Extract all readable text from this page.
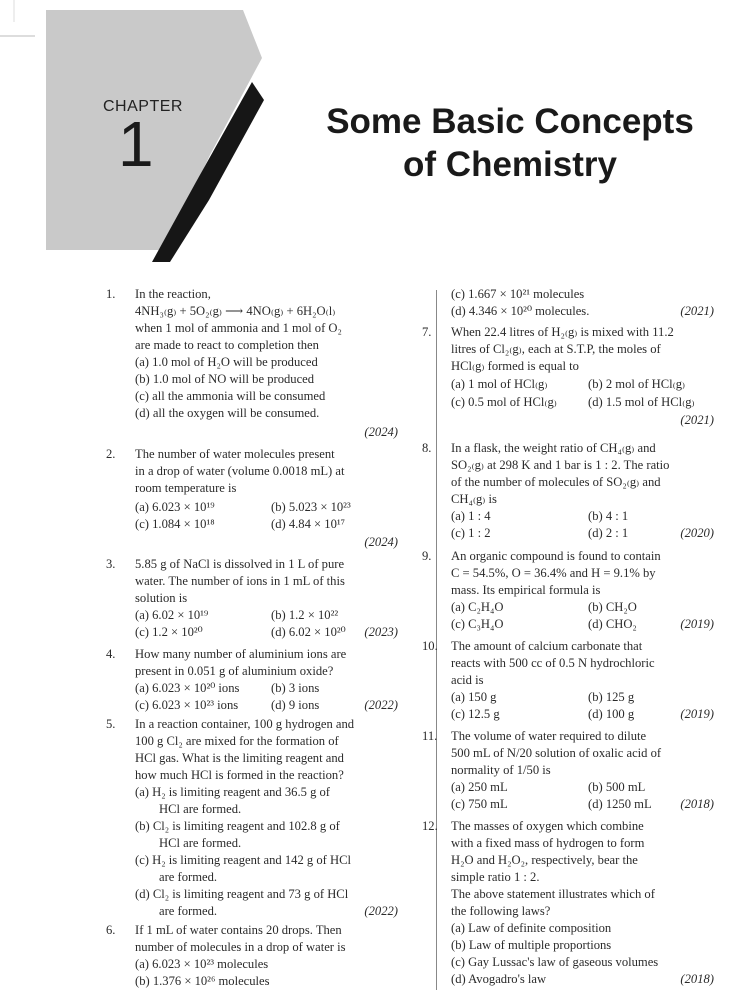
CHAPTER
1	Some Basic Concepts
of Chemistry
1. In the reaction,
4NH₃₍g₎ + 5O₂₍g₎ ⟶ 4NO₍g₎ + 6H₂O₍l₎
when 1 mol of ammonia and 1 mol of O₂
are made to react to completion then
(a) 1.0 mol of H₂O will be produced
(b) 1.0 mol of NO will be produced
(c) all the ammonia will be consumed
(d) all the oxygen will be consumed.
(2024)
2. The number of water molecules present
in a drop of water (volume 0.0018 mL) at
room temperature is
(a) 6.023 × 10¹⁹	(b) 5.023 × 10²³
(c) 1.084 × 10¹⁸	(d) 4.84 × 10¹⁷
(2024)
3. 5.85 g of NaCl is dissolved in 1 L of pure
water. The number of ions in 1 mL of this
solution is
(a) 6.02 × 10¹⁹	(b) 1.2 × 10²²
(c) 1.2 × 10²⁰	(d) 6.02 × 10²⁰ (2023)
4. How many number of aluminium ions are
present in 0.051 g of aluminium oxide?
(a) 6.023 × 10²⁰ ions	(b) 3 ions
(c) 6.023 × 10²³ ions	(d) 9 ions	(2022)
5. In a reaction container, 100 g hydrogen and
100 g Cl₂ are mixed for the formation of
HCl gas. What is the limiting reagent and
how much HCl is formed in the reaction?
(a) H₂ is limiting reagent and 36.5 g of
HCl are formed.
(b) Cl₂ is limiting reagent and 102.8 g of
HCl are formed.
(c) H₂ is limiting reagent and 142 g of HCl
are formed.
(d) Cl₂ is limiting reagent and 73 g of HCl
are formed.	(2022)
6. If 1 mL of water contains 20 drops. Then
number of molecules in a drop of water is
(a) 6.023 × 10²³ molecules
(b) 1.376 × 10²⁶ molecules
(c) 1.667 × 10²¹ molecules
(d) 4.346 × 10²⁰ molecules.	(2021)
7. When 22.4 litres of H₂₍g₎ is mixed with 11.2
litres of Cl₂₍g₎, each at S.T.P, the moles of
HCl₍g₎ formed is equal to
(a) 1 mol of HCl₍g₎	(b) 2 mol of HCl₍g₎
(c) 0.5 mol of HCl₍g₎ (d) 1.5 mol of HCl₍g₎
(2021)
8. In a flask, the weight ratio of CH₄₍g₎ and
SO₂₍g₎ at 298 K and 1 bar is 1 : 2. The ratio
of the number of molecules of SO₂₍g₎ and
CH₄₍g₎ is
(a) 1 : 4	(b) 4 : 1
(c) 1 : 2	(d) 2 : 1	(2020)
9. An organic compound is found to contain
C = 54.5%, O = 36.4% and H = 9.1% by
mass. Its empirical formula is
(a) C₂H₄O	(b) CH₂O
(c) C₃H₄O	(d) CHO₂	(2019)
10. The amount of calcium carbonate that
reacts with 500 cc of 0.5 N hydrochloric
acid is
(a) 150 g	(b) 125 g
(c) 12.5 g	(d) 100 g	(2019)
11. The volume of water required to dilute
500 mL of N/20 solution of oxalic acid of
normality of 1/50 is
(a) 250 mL	(b) 500 mL
(c) 750 mL	(d) 1250 mL (2018)
12. The masses of oxygen which combine
with a fixed mass of hydrogen to form
H₂O and H₂O₂, respectively, bear the
simple ratio 1 : 2.
The above statement illustrates which of
the following laws?
(a) Law of definite composition
(b) Law of multiple proportions
(c) Gay Lussac's law of gaseous volumes
(d) Avogadro's law	(2018)
